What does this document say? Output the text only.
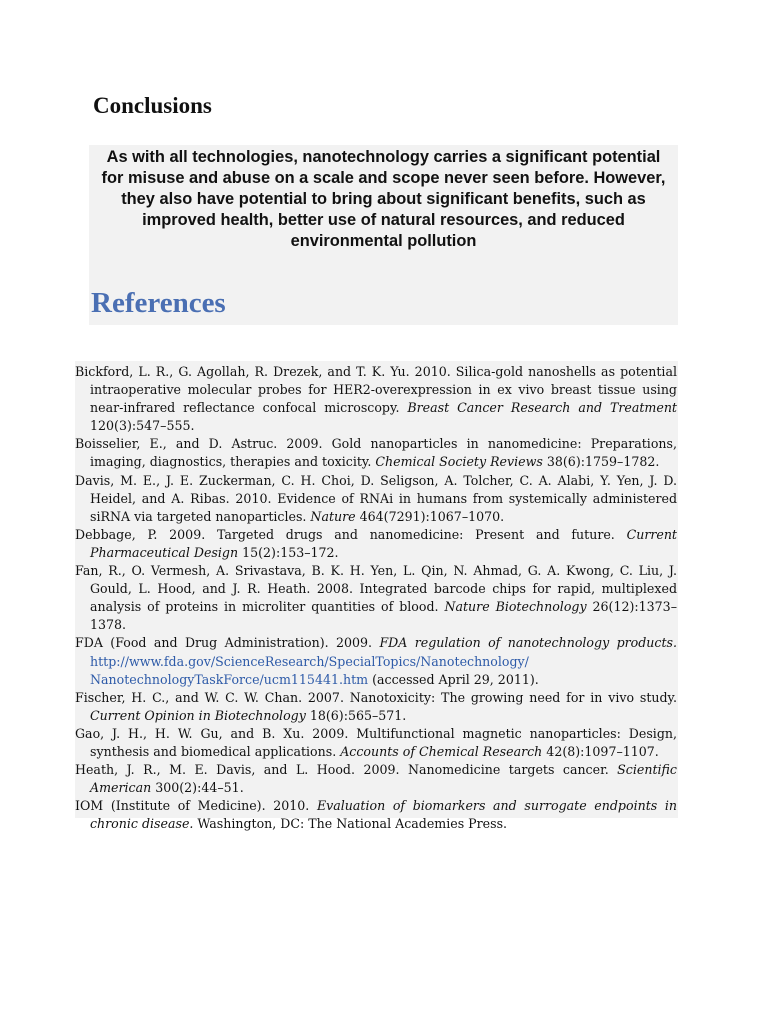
Conclusions

As with all technologies, nanotechnology carries a significant potential for misuse and abuse on a scale and scope never seen before. However, they also have potential to bring about significant benefits, such as improved health, better use of natural resources, and reduced environmental pollution

References
Bickford, L. R., G. Agollah, R. Drezek, and T. K. Yu. 2010. Silica-gold nanoshells as potential intraoperative molecular probes for HER2-overexpression in ex vivo breast tissue using near-infrared reflectance confocal microscopy. Breast Cancer Research and Treatment 120(3):547–555.
Boisselier, E., and D. Astruc. 2009. Gold nanoparticles in nanomedicine: Preparations, imaging, diagnostics, therapies and toxicity. Chemical Society Reviews 38(6):1759–1782.
Davis, M. E., J. E. Zuckerman, C. H. Choi, D. Seligson, A. Tolcher, C. A. Alabi, Y. Yen, J. D. Heidel, and A. Ribas. 2010. Evidence of RNAi in humans from systemically administered siRNA via targeted nanoparticles. Nature 464(7291):1067–1070.
Debbage, P. 2009. Targeted drugs and nanomedicine: Present and future. Current Pharmaceutical Design 15(2):153–172.
Fan, R., O. Vermesh, A. Srivastava, B. K. H. Yen, L. Qin, N. Ahmad, G. A. Kwong, C. Liu, J. Gould, L. Hood, and J. R. Heath. 2008. Integrated barcode chips for rapid, multiplexed analysis of proteins in microliter quantities of blood. Nature Biotechnology 26(12):1373–1378.
FDA (Food and Drug Administration). 2009. FDA regulation of nanotechnology products. http://www.fda.gov/ScienceResearch/SpecialTopics/Nanotechnology/ NanotechnologyTaskForce/ucm115441.htm (accessed April 29, 2011).
Fischer, H. C., and W. C. W. Chan. 2007. Nanotoxicity: The growing need for in vivo study. Current Opinion in Biotechnology 18(6):565–571.
Gao, J. H., H. W. Gu, and B. Xu. 2009. Multifunctional magnetic nanoparticles: Design, synthesis and biomedical applications. Accounts of Chemical Research 42(8):1097–1107.
Heath, J. R., M. E. Davis, and L. Hood. 2009. Nanomedicine targets cancer. Scientific American 300(2):44–51.
IOM (Institute of Medicine). 2010. Evaluation of biomarkers and surrogate endpoints in chronic disease. Washington, DC: The National Academies Press.
